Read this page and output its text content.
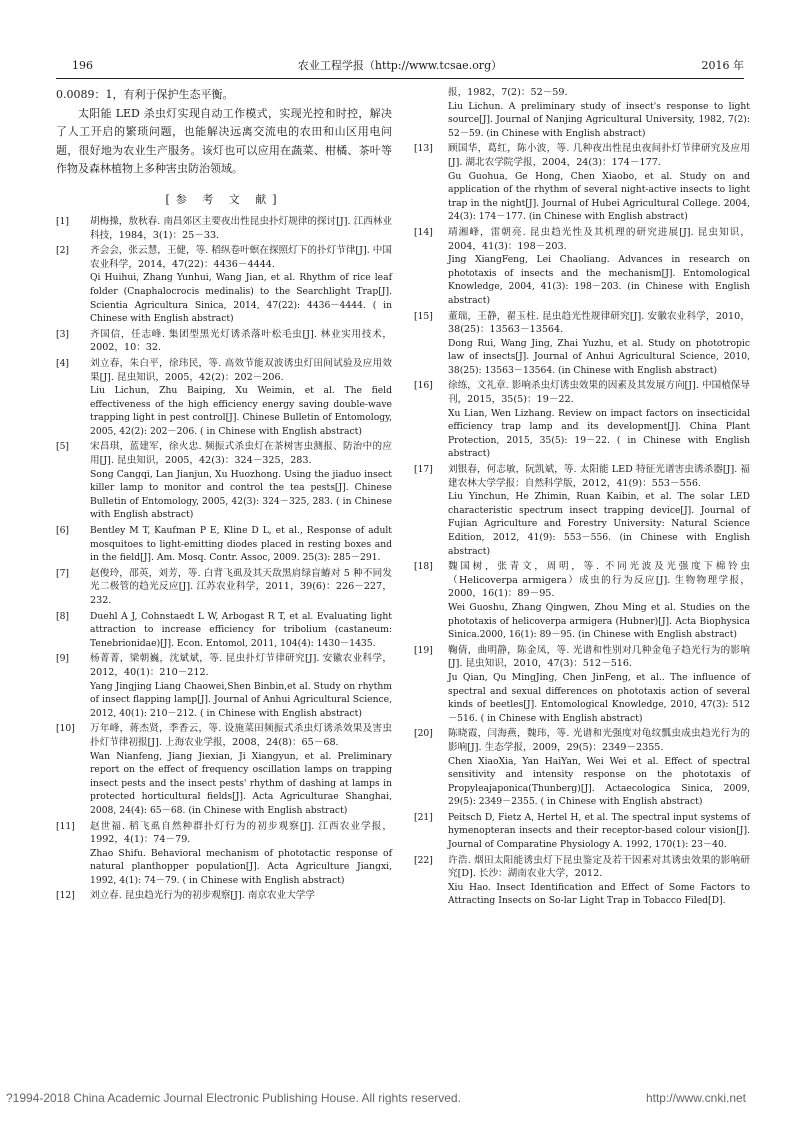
196	农业工程学报（http://www.tcsae.org）	2016 年

0.0089：1，有利于保护生态平衡。

太阳能 LED 杀虫灯实现自动工作模式，实现光控和时控，解决了人工开启的繁琐问题，也能解决远离交流电的农田和山区用电问题，很好地为农业生产服务。该灯也可以应用在蔬菜、柑橘、茶叶等作物及森林植物上多种害虫防治领域。

[参 考 文 献]
[1] 胡梅操，敖秋春. 南昌郊区主要夜出性昆虫扑灯规律的探讨[J]. 江西林业科技，1984，3(1)：25－33.
[2] 齐会会，张云慧，王健，等. 稻纵卷叶螟在探照灯下的扑灯节律[J]. 中国农业科学，2014，47(22)：4436－4444.
Qi Huihui, Zhang Yunhui, Wang Jian, et al. Rhythm of rice leaf folder (Cnaphalocrocis medinalis) to the Searchlight Trap[J]. Scientia Agricultura Sinica, 2014, 47(22): 4436－4444. ( in Chinese with English abstract)
[3] 齐国信，任志峰. 集团型黑光灯诱杀落叶松毛虫[J]. 林业实用技术，2002，10：32.
[4] 刘立春，朱白平，徐玮民，等. 高效节能双波诱虫灯田间试验及应用效果[J]. 昆虫知识，2005，42(2)：202－206.
Liu Lichun, Zhu Baiping, Xu Weimin, et al. The field effectiveness of the high efficiency energy saving double-wave trapping light in pest control[J]. Chinese Bulletin of Entomology, 2005, 42(2): 202－206. ( in Chinese with English abstract)
[5] 宋昌琪，蓝建军，徐火忠. 频振式杀虫灯在茶树害虫测报、防治中的应用[J]. 昆虫知识，2005，42(3)：324－325，283.
Song Cangqi, Lan Jianjun, Xu Huozhong. Using the jiaduo insect killer lamp to monitor and control the tea pests[J]. Chinese Bulletin of Entomology, 2005, 42(3): 324－325, 283. ( in Chinese with English abstract)
[6] Bentley M T, Kaufman P E, Kline D L, et al., Response of adult mosquitoes to light-emitting diodes placed in resting boxes and in the field[J]. Am. Mosq. Contr. Assoc, 2009. 25(3): 285－291.
[7] 赵俊玲，邵英，刘芳，等. 白背飞虱及其天敌黑肩绿盲蝽对 5 种不同发光二极管的趋光反应[J]. 江苏农业科学，2011，39(6)：226－227，232.
[8] Duehl A J, Cohnstaedt L W, Arbogast R T, et al. Evaluating light attraction to increase efficiency for tribolium (castaneum: Tenebrionidae)[J]. Econ. Entomol, 2011, 104(4): 1430－1435.
[9] 杨菁菁，梁朝巍，沈斌斌，等. 昆虫扑灯节律研究[J]. 安徽农业科学，2012，40(1)：210－212.
Yang Jingjing Liang Chaowei,Shen Binbin,et al. Study on rhythm of insect flapping lamp[J]. Journal of Anhui Agricultural Science, 2012, 40(1): 210－212. ( in Chinese with English abstract)
[10] 万年峰，蒋杰贤，季香云，等. 设施菜田频振式杀虫灯诱杀效果及害虫扑灯节律初报[J]. 上海农业学报，2008，24(8)：65－68.
Wan Nianfeng, Jiang Jiexian, Ji Xiangyun, et al. Preliminary report on the effect of frequency oscillation lamps on trapping insect pests and the insect pests' rhythm of dashing at lamps in protected horticultural fields[J]. Acta Agriculturae Shanghai, 2008, 24(4): 65－68. (in Chinese with English abstract)
[11] 赵世福. 稻飞虱自然种群扑灯行为的初步观察[J]. 江西农业学报，1992，4(1)：74－79.
Zhao Shifu. Behavioral mechanism of phototactic response of natural planthopper population[J]. Acta Agriculture Jiangxi, 1992, 4(1): 74－79. ( in Chinese with English abstract)
[12] 刘立春. 昆虫趋光行为的初步观察[J]. 南京农业大学学
报，1982，7(2)：52－59.
Liu Lichun. A preliminary study of insect's response to light source[J]. Journal of Nanjing Agricultural University, 1982, 7(2): 52－59. (in Chinese with English abstract)
[13] 顾国华，葛红，陈小波，等. 几种夜出性昆虫夜间扑灯节律研究及应用[J]. 湖北农学院学报，2004，24(3)：174－177.
Gu Guohua, Ge Hong, Chen Xiaobo, et al. Study on and application of the rhythm of several night-active insects to light trap in the night[J]. Journal of Hubei Agricultural College. 2004, 24(3): 174－177. (in Chinese with English abstract)
[14] 靖湘峰，雷朝亮. 昆虫趋光性及其机理的研究进展[J]. 昆虫知识，2004，41(3)：198－203.
Jing XiangFeng, Lei Chaoliang. Advances in research on phototaxis of insects and the mechanism[J]. Entomological Knowledge, 2004, 41(3): 198－203. (in Chinese with English abstract)
[15] 董瑞，王静，翟玉柱. 昆虫趋光性规律研究[J]. 安徽农业科学，2010，38(25)：13563－13564.
Dong Rui, Wang Jing, Zhai Yuzhu, et al. Study on phototropic law of insects[J]. Journal of Anhui Agricultural Science, 2010, 38(25): 13563－13564. (in Chinese with English abstract)
[16] 徐练，文礼章. 影响杀虫灯诱虫效果的因素及其发展方向[J]. 中国植保导刊，2015，35(5)：19－22.
Xu Lian, Wen Lizhang. Review on impact factors on insecticidal efficiency trap lamp and its development[J]. China Plant Protection, 2015, 35(5): 19－22. ( in Chinese with English abstract)
[17] 刘银春，何志敏，阮凯斌，等. 太阳能 LED 特征光谱害虫诱杀器[J]. 福建农林大学学报：自然科学版，2012，41(9)：553－556.
Liu Yinchun, He Zhimin, Ruan Kaibin, et al. The solar LED characteristic spectrum insect trapping device[J]. Journal of Fujian Agriculture and Forestry University: Natural Science Edition, 2012, 41(9): 553－556. (in Chinese with English abstract)
[18] 魏国树，张青文，周明，等. 不同光波及光强度下棉铃虫（Helicoverpa armigera）成虫的行为反应[J]. 生物物理学报，2000，16(1)：89－95.
Wei Guoshu, Zhang Qingwen, Zhou Ming et al. Studies on the phototaxis of helicoverpa armigera (Hubner)[J]. Acta Biophysica Sinica.2000, 16(1): 89－95. (in Chinese with English abstract)
[19] 鞠倩，曲明静，陈金凤，等. 光谱和性别对几种金龟子趋光行为的影响[J]. 昆虫知识，2010，47(3)：512－516.
Ju Qian, Qu MingJing, Chen JinFeng, et al.. The influence of spectral and sexual differences on phototaxis action of several kinds of beetles[J]. Entomological Knowledge, 2010, 47(3): 512－516. ( in Chinese with English abstract)
[20] 陈晓霞，闫海燕，魏玮，等. 光谱和光强度对龟纹瓢虫成虫趋光行为的影响[J]. 生态学报，2009，29(5)：2349－2355.
Chen XiaoXia, Yan HaiYan, Wei Wei et al. Effect of spectral sensitivity and intensity response on the phototaxis of Propyleajaponica(Thunberg)[J]. Actaecologica Sinica, 2009, 29(5): 2349－2355. ( in Chinese with English abstract)
[21] Peitsch D, Fietz A, Hertel H, et al. The spectral input systems of hymenopteran insects and their receptor-based colour vision[J]. Journal of Comparatine Physiology A. 1992, 170(1): 23－40.
[22] 许浩. 烟田太阳能诱虫灯下昆虫鉴定及若干因素对其诱虫效果的影响研究[D]. 长沙：湖南农业大学，2012.
Xiu Hao. Insect Identification and Effect of Some Factors to Attracting Insects on So-lar Light Trap in Tobacco Filed[D].
?1994-2018 China Academic Journal Electronic Publishing House. All rights reserved.	http://www.cnki.net
